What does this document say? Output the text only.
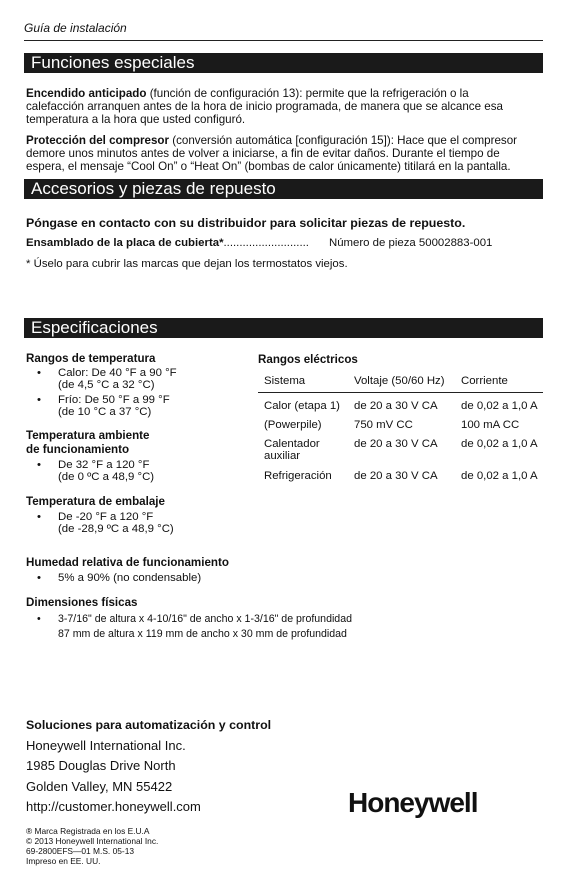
Guía de instalación
Funciones especiales
Encendido anticipado (función de configuración 13): permite que la refrigeración o la
calefacción arranquen antes de la hora de inicio programada, de manera que se alcance esa
temperatura a la hora que usted configuró.
Protección del compresor (conversión automática [configuración 15]): Hace que el compresor
demore unos minutos antes de volver a iniciarse, a fin de evitar daños. Durante el tiempo de
espera, el mensaje “Cool On” o “Heat On” (bombas de calor únicamente) titilará en la pantalla.
Accesorios y piezas de repuesto
Póngase en contacto con su distribuidor para solicitar piezas de repuesto.
Ensamblado de la placa de cubierta*........................... Número de pieza 50002883-001
* Úselo para cubrir las marcas que dejan los termostatos viejos.
Especificaciones
Rangos de temperatura
• Calor: De 40 °F a 90 °F
(de 4,5 °C a 32 °C)
• Frío: De 50 °F a 99 °F
(de 10 °C a 37 °C)
Temperatura ambiente
de funcionamiento
• De 32 °F a 120 °F
(de 0 ºC a 48,9 °C)
Temperatura de embalaje
• De -20 °F a 120 °F
(de -28,9 ºC a 48,9 °C)
Humedad relativa de funcionamiento
• 5% a 90% (no condensable)
Dimensiones físicas
• 3-7/16" de altura x 4-10/16" de ancho x 1-3/16" de profundidad
87 mm de altura x 119 mm de ancho x 30 mm de profundidad
Rangos eléctricos
Sistema	Voltaje (50/60 Hz)	Corriente
Calor (etapa 1)	de 20 a 30 V CA	de 0,02 a 1,0 A
(Powerpile)	750 mV CC	100 mA CC
Calentador auxiliar	de 20 a 30 V CA	de 0,02 a 1,0 A
Refrigeración	de 20 a 30 V CA	de 0,02 a 1,0 A
Soluciones para automatización y control
Honeywell International Inc.
1985 Douglas Drive North
Golden Valley, MN 55422
http://customer.honeywell.com	Honeywell
® Marca Registrada en los E.U.A
© 2013 Honeywell International Inc.
69-2800EFS—01 M.S. 05-13
Impreso en EE. UU.
